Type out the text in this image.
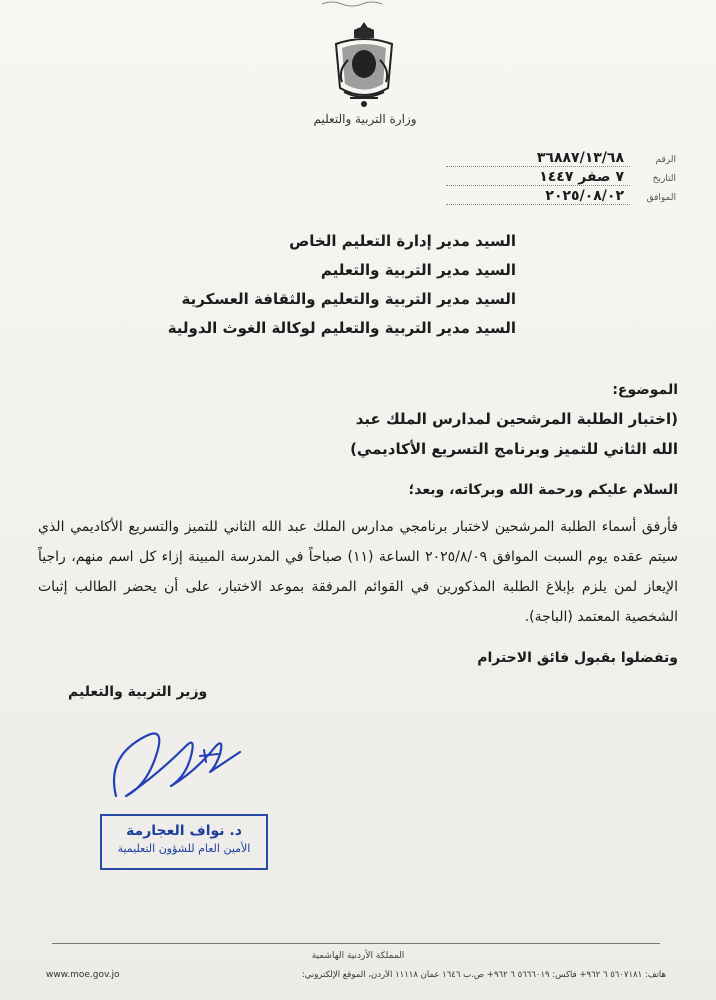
وزارة التربية والتعليم
الرقم
٣٦٨٨٧/١٣/٦٨
التاريخ
٧ صفر ١٤٤٧
الموافق
٢٠٢٥/٠٨/٠٢
السيد مدير إدارة التعليم الخاص
السيد مدير التربية والتعليم
السيد مدير التربية والتعليم والثقافة العسكرية
السيد مدير التربية والتعليم لوكالة الغوث الدولية
الموضوع:
(اختبار الطلبة المرشحين لمدارس الملك عبد الله الثاني للتميز وبرنامج التسريع الأكاديمي)
السلام عليكم ورحمة الله وبركاته، وبعد؛
فأرفق أسماء الطلبة المرشحين لاختبار برنامجي مدارس الملك عبد الله الثاني للتميز والتسريع الأكاديمي الذي سيتم عقده يوم السبت الموافق ٢٠٢٥/٨/٠٩ الساعة (١١) صباحاً في المدرسة المبينة إزاء كل اسم منهم، راجياً الإيعاز لمن يلزم بإبلاغ الطلبة المذكورين في القوائم المرفقة بموعد الاختبار، على أن يحضر الطالب إثبات الشخصية المعتمد (الباجة).
وتفضلوا بقبول فائق الاحترام
وزير التربية والتعليم
د. نواف العجارمة
الأمين العام للشؤون التعليمية
المملكة الأردنية الهاشمية
هاتف: ٥٦٠٧١٨١ ٦ ٩٦٢+ فاكس: ٥٦٦٦٠١٩ ٦ ٩٦٢+ ص.ب ١٦٤٦ عمان ١١١١٨ الأردن، الموقع الإلكتروني:
www.moe.gov.jo
